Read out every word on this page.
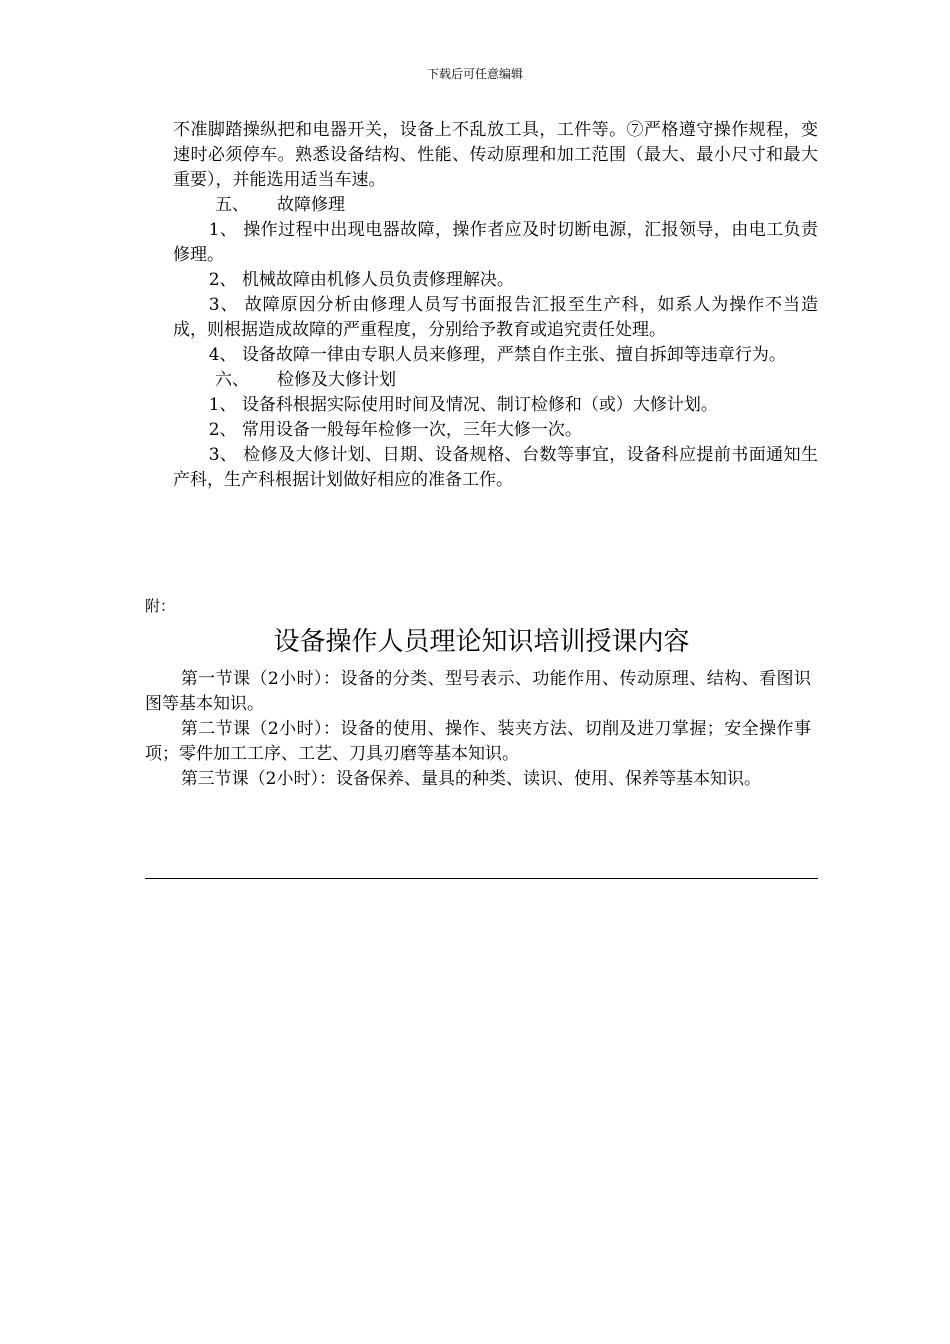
下载后可任意编辑

不准脚踏操纵把和电器开关，设备上不乱放工具，工件等。⑦严格遵守操作规程，变速时必须停车。熟悉设备结构、性能、传动原理和加工范围（最大、最小尺寸和最大重要），并能选用适当车速。

五、 故障修理

1、 操作过程中出现电器故障，操作者应及时切断电源，汇报领导，由电工负责修理。

2、 机械故障由机修人员负责修理解决。

3、 故障原因分析由修理人员写书面报告汇报至生产科，如系人为操作不当造成，则根据造成故障的严重程度，分别给予教育或追究责任处理。

4、 设备故障一律由专职人员来修理，严禁自作主张、擅自拆卸等违章行为。

六、 检修及大修计划

1、 设备科根据实际使用时间及情况、制订检修和（或）大修计划。

2、 常用设备一般每年检修一次，三年大修一次。

3、 检修及大修计划、日期、设备规格、台数等事宜，设备科应提前书面通知生产科，生产科根据计划做好相应的准备工作。

附：
设备操作人员理论知识培训授课内容

第一节课（2小时）：设备的分类、型号表示、功能作用、传动原理、结构、看图识图等基本知识。

第二节课（2小时）：设备的使用、操作、装夹方法、切削及进刀掌握；安全操作事项；零件加工工序、工艺、刀具刃磨等基本知识。

第三节课（2小时）：设备保养、量具的种类、读识、使用、保养等基本知识。
